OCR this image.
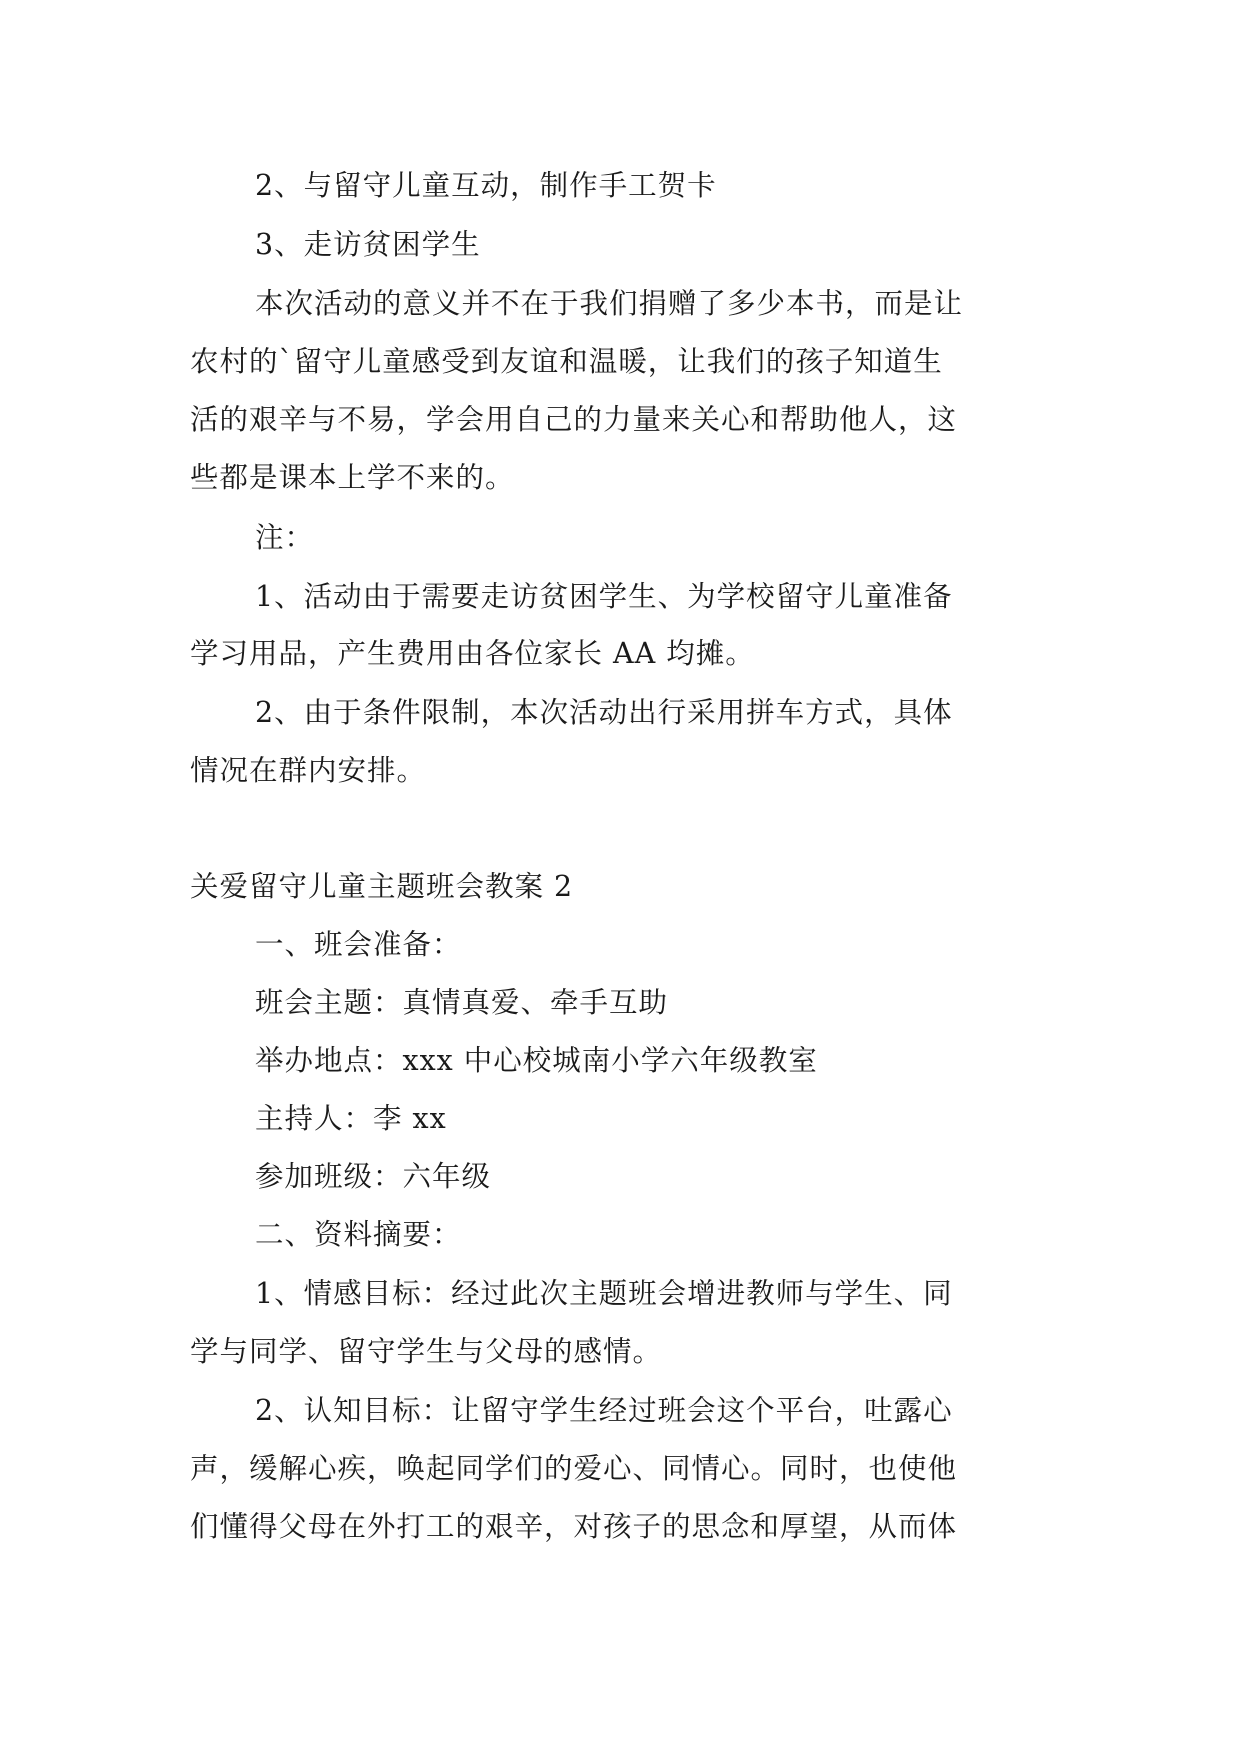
2、与留守儿童互动，制作手工贺卡
3、走访贫困学生
本次活动的意义并不在于我们捐赠了多少本书，而是让
农村的`留守儿童感受到友谊和温暖，让我们的孩子知道生
活的艰辛与不易，学会用自己的力量来关心和帮助他人，这
些都是课本上学不来的。
注：
1、活动由于需要走访贫困学生、为学校留守儿童准备
学习用品，产生费用由各位家长 AA 均摊。
2、由于条件限制，本次活动出行采用拼车方式，具体
情况在群内安排。
关爱留守儿童主题班会教案 2
一、班会准备：
班会主题：真情真爱、牵手互助
举办地点：xxx 中心校城南小学六年级教室
主持人：李 xx
参加班级：六年级
二、资料摘要：
1、情感目标：经过此次主题班会增进教师与学生、同
学与同学、留守学生与父母的感情。
2、认知目标：让留守学生经过班会这个平台，吐露心
声，缓解心疾，唤起同学们的爱心、同情心。同时，也使他
们懂得父母在外打工的艰辛，对孩子的思念和厚望，从而体
